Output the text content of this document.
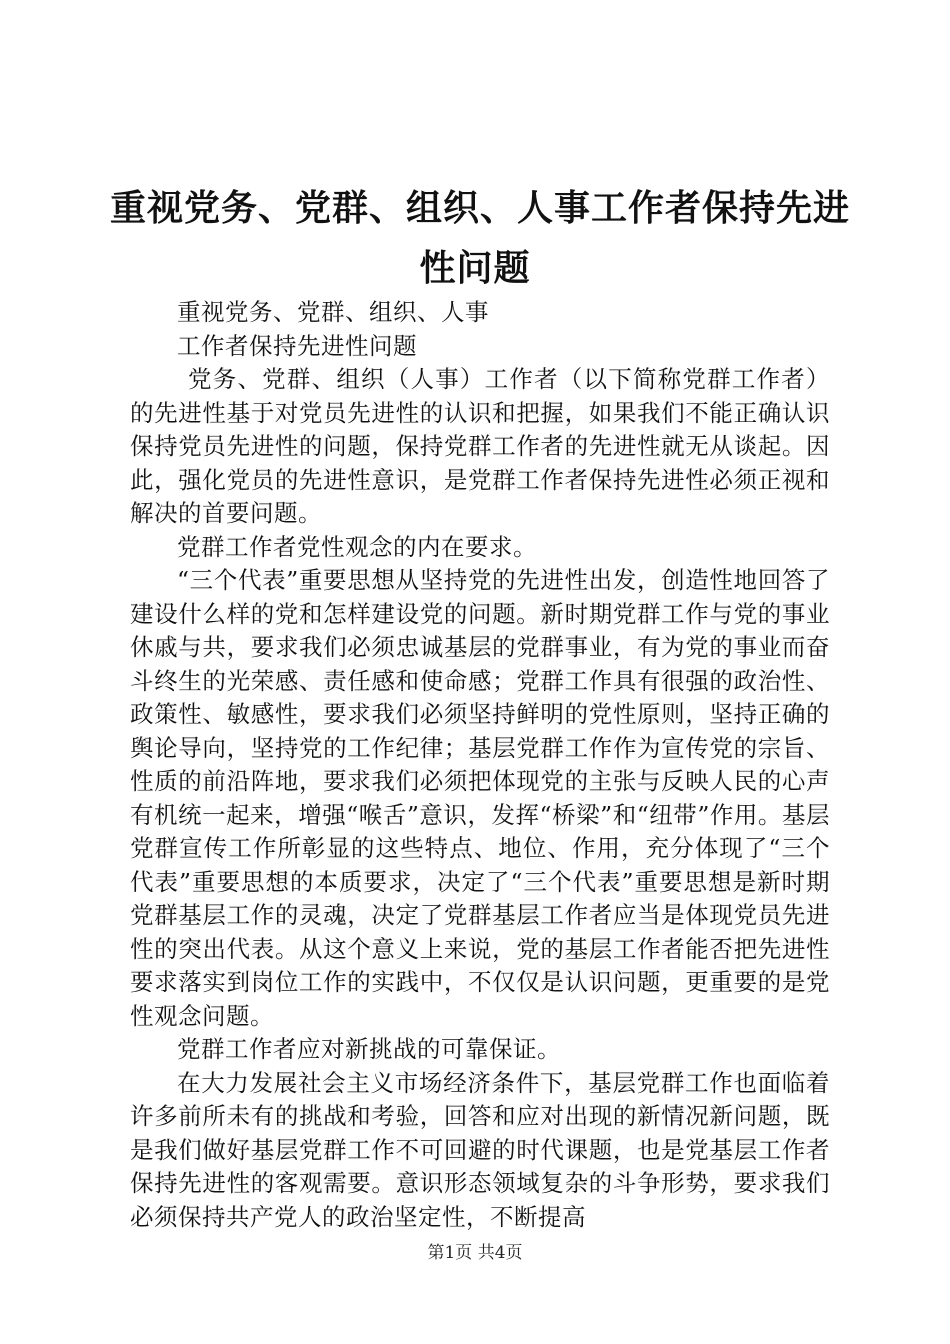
重视党务、党群、组织、人事工作者保持先进
性问题

重视党务、党群、组织、人事

工作者保持先进性问题

党务、党群、组织（人事）工作者（以下简称党群工作者）的先进性基于对党员先进性的认识和把握，如果我们不能正确认识保持党员先进性的问题，保持党群工作者的先进性就无从谈起。因此，强化党员的先进性意识，是党群工作者保持先进性必须正视和解决的首要问题。

党群工作者党性观念的内在要求。

“三个代表”重要思想从坚持党的先进性出发，创造性地回答了建设什么样的党和怎样建设党的问题。新时期党群工作与党的事业休戚与共，要求我们必须忠诚基层的党群事业，有为党的事业而奋斗终生的光荣感、责任感和使命感；党群工作具有很强的政治性、政策性、敏感性，要求我们必须坚持鲜明的党性原则，坚持正确的舆论导向，坚持党的工作纪律；基层党群工作作为宣传党的宗旨、性质的前沿阵地，要求我们必须把体现党的主张与反映人民的心声有机统一起来，增强“喉舌”意识，发挥“桥梁”和“纽带”作用。基层党群宣传工作所彰显的这些特点、地位、作用，充分体现了“三个代表”重要思想的本质要求，决定了“三个代表”重要思想是新时期党群基层工作的灵魂，决定了党群基层工作者应当是体现党员先进性的突出代表。从这个意义上来说，党的基层工作者能否把先进性要求落实到岗位工作的实践中，不仅仅是认识问题，更重要的是党性观念问题。

党群工作者应对新挑战的可靠保证。

在大力发展社会主义市场经济条件下，基层党群工作也面临着许多前所未有的挑战和考验，回答和应对出现的新情况新问题，既是我们做好基层党群工作不可回避的时代课题，也是党基层工作者保持先进性的客观需要。意识形态领域复杂的斗争形势，要求我们必须保持共产党人的政治坚定性，不断提高

第1页 共4页
